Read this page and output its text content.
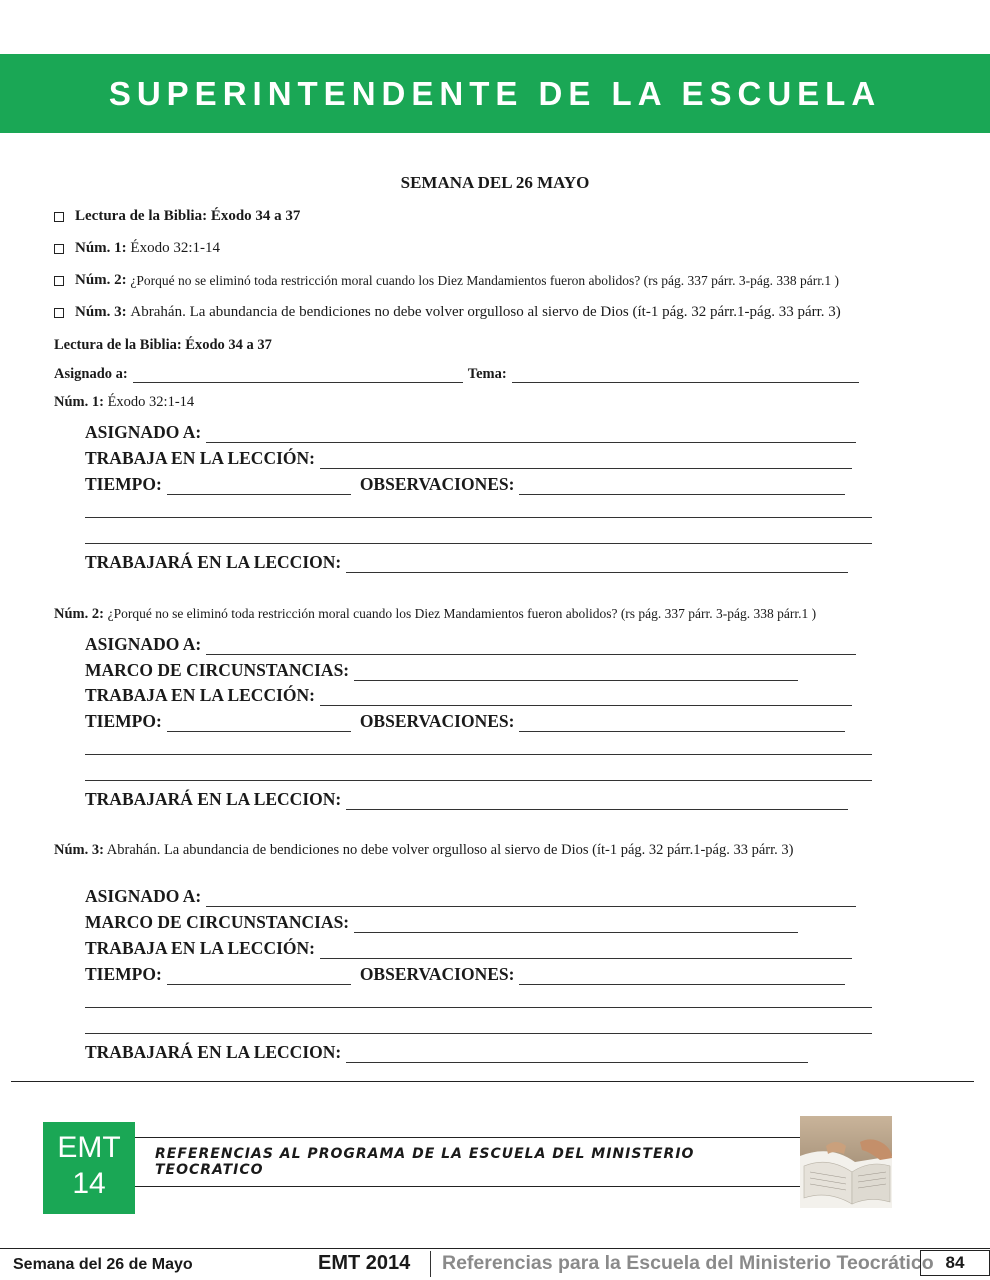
SUPERINTENDENTE DE LA ESCUELA
SEMANA DEL 26 MAYO
Lectura de la Biblia: Éxodo 34 a 37
Núm. 1:
Éxodo 32:1-14
Núm. 2:
¿Porqué no se eliminó toda restricción moral cuando los Diez Mandamientos fueron abolidos? (rs pág. 337 párr. 3-pág. 338 párr.1 )
Núm. 3:
Abrahán. La abundancia de bendiciones no debe volver orgulloso al siervo de Dios (ít-1 pág. 32 párr.1-pág. 33 párr. 3)
Lectura de la Biblia: Éxodo 34 a 37
Asignado a:	Tema:
Núm. 1: Éxodo 32:1-14
ASIGNADO A:
TRABAJA EN LA LECCIÓN:
TIEMPO:	OBSERVACIONES:
TRABAJARÁ EN LA LECCION:
Núm. 2: ¿Porqué no se eliminó toda restricción moral cuando los Diez Mandamientos fueron abolidos? (rs pág. 337 párr. 3-pág. 338 párr.1 )
ASIGNADO A:
MARCO DE CIRCUNSTANCIAS:
TRABAJA EN LA LECCIÓN:
TIEMPO:	OBSERVACIONES:
TRABAJARÁ EN LA LECCION:
Núm. 3: Abrahán. La abundancia de bendiciones no debe volver orgulloso al siervo de Dios (ít-1 pág. 32 párr.1-pág. 33 párr. 3)
ASIGNADO A:
MARCO DE CIRCUNSTANCIAS:
TRABAJA EN LA LECCIÓN:
TIEMPO:	OBSERVACIONES:
TRABAJARÁ EN LA LECCION:
EMT
14
REFERENCIAS AL PROGRAMA DE LA ESCUELA DEL MINISTERIO TEOCRATICO
Semana del 26 de Mayo	EMT 2014 Referencias para la Escuela del Ministerio Teocrático 84
